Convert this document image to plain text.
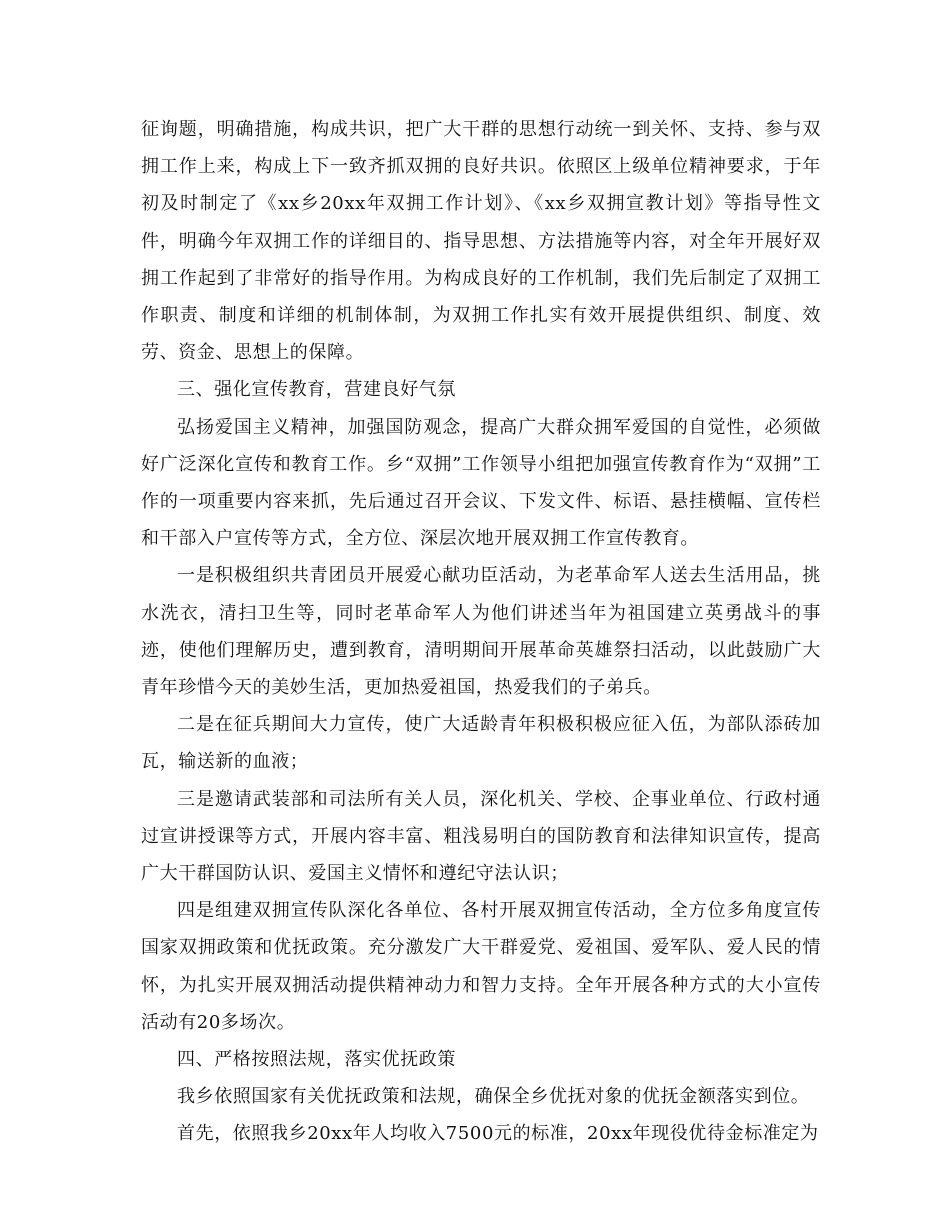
征询题，明确措施，构成共识，把广大干群的思想行动统一到关怀、支持、参与双拥工作上来，构成上下一致齐抓双拥的良好共识。依照区上级单位精神要求，于年初及时制定了《xx乡20xx年双拥工作计划》、《xx乡双拥宣教计划》等指导性文件，明确今年双拥工作的详细目的、指导思想、方法措施等内容，对全年开展好双拥工作起到了非常好的指导作用。为构成良好的工作机制，我们先后制定了双拥工作职责、制度和详细的机制体制，为双拥工作扎实有效开展提供组织、制度、效劳、资金、思想上的保障。

三、强化宣传教育，营建良好气氛

弘扬爱国主义精神，加强国防观念，提高广大群众拥军爱国的自觉性，必须做好广泛深化宣传和教育工作。乡“双拥”工作领导小组把加强宣传教育作为“双拥”工作的一项重要内容来抓，先后通过召开会议、下发文件、标语、悬挂横幅、宣传栏和干部入户宣传等方式，全方位、深层次地开展双拥工作宣传教育。

一是积极组织共青团员开展爱心献功臣活动，为老革命军人送去生活用品，挑水洗衣，清扫卫生等，同时老革命军人为他们讲述当年为祖国建立英勇战斗的事迹，使他们理解历史，遭到教育，清明期间开展革命英雄祭扫活动，以此鼓励广大青年珍惜今天的美妙生活，更加热爱祖国，热爱我们的子弟兵。

二是在征兵期间大力宣传，使广大适龄青年积极积极应征入伍，为部队添砖加瓦，输送新的血液；

三是邀请武装部和司法所有关人员，深化机关、学校、企事业单位、行政村通过宣讲授课等方式，开展内容丰富、粗浅易明白的国防教育和法律知识宣传，提高广大干群国防认识、爱国主义情怀和遵纪守法认识；

四是组建双拥宣传队深化各单位、各村开展双拥宣传活动，全方位多角度宣传国家双拥政策和优抚政策。充分激发广大干群爱党、爱祖国、爱军队、爱人民的情怀，为扎实开展双拥活动提供精神动力和智力支持。全年开展各种方式的大小宣传活动有20多场次。

四、严格按照法规，落实优抚政策

我乡依照国家有关优抚政策和法规，确保全乡优抚对象的优抚金额落实到位。

首先，依照我乡20xx年人均收入7500元的标准，20xx年现役优待金标准定为
